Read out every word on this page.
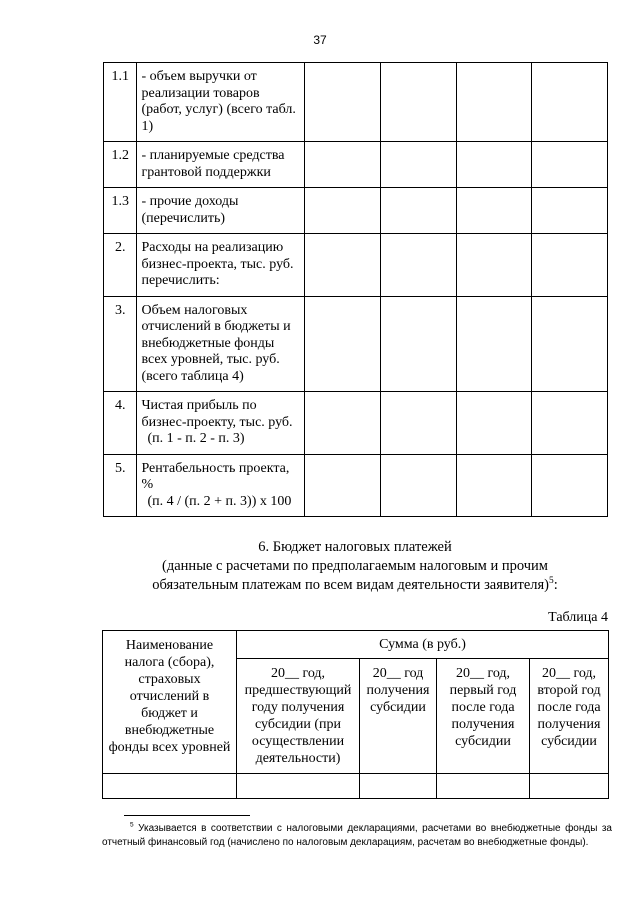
37
1.1	- объем выручки от реализации товаров (работ, услуг) (всего табл. 1)				

1.2	- планируемые средства грантовой поддержки				

1.3	- прочие доходы (перечислить)				

2.	Расходы на реализацию бизнес-проекта, тыс. руб. перечислить:				

3.	Объем налоговых отчислений в бюджеты и внебюджетные фонды всех уровней, тыс. руб. (всего таблица 4)				

4.	Чистая прибыль по бизнес-проекту, тыс. руб.
(п. 1 - п. 2 - п. 3)				

5.	Рентабельность проекта, %
(п. 4 / (п. 2 + п. 3)) х 100				

6. Бюджет налоговых платежей
(данные с расчетами по предполагаемым налоговым и прочим
обязательным платежам по всем видам деятельности заявителя)$^5$:
Таблица 4
Наименование налога (сбора), страховых отчислений в бюджет и внебюджетные фонды всех уровней	Сумма (в руб.)			
	20__ год, предшествующий году получения субсидии (при осуществлении деятельности)	20__ год получения субсидии	20__ год, первый год после года получения субсидии	20__ год, второй год после года получения субсидии

$^5$ Указывается в соответствии с налоговыми декларациями, расчетами во внебюджетные фонды за отчетный финансовый год (начислено по налоговым декларациям, расчетам во внебюджетные фонды).
